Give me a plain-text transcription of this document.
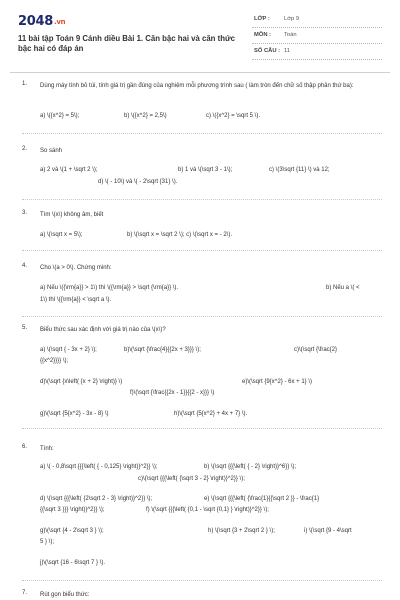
2048.vn
11 bài tập Toán 9 Cánh diều Bài 1. Căn bậc hai và căn thức bậc hai có đáp án
LỚP : Lớp 9
MÔN : Toán
SỐ CÂU : 11
1. Dùng máy tính bỏ túi, tính giá trị gần đúng của nghiệm mỗi phương trình sau ( làm tròn đến chữ số thập phân thứ ba):
a) \({x^2} = 5\);	b) \({x^2} = 2,5\)	c) \({x^2} = \sqrt 5 \).
2. So sánh
a) 2 và \(1 + \sqrt 2 \);	b) 1 và \(\sqrt 3 - 1\);	c) \(3\sqrt {11} \) và 12;
d) \( - 10\) và \( - 2\sqrt {31} \).
3. Tìm \(x\) không âm, biết
a) \(\sqrt x = 5\);	b) \(\sqrt x = \sqrt 2 \); c) \(\sqrt x = - 2\).
4. Cho \(a > 0\). Chứng minh:
a) Nếu \({\rm{a}} > 1\) thì \({\rm{a}} > \sqrt {\rm{a}} \).	b) Nếu a \( <
1\) thì \({\rm{a}} < \sqrt a \).
5. Biểu thức sau xác định với giá trị nào của \(x\)?
a) \(\sqrt { - 3x + 2} \);	b)\(\sqrt {\frac{4}{{2x + 3}}} \);	c)\(\sqrt {\frac{2}
{{x^2}}}} \);
d)\(\sqrt {x\left( {x + 2} \right)} \)	e)\(\sqrt {9{x^2} - 6x + 1} \)
f)\(\sqrt {\frac{{2x - 1}}{{2 - x}}} \)
g)\(\sqrt {5{x^2} - 3x - 8} \)	h)\(\sqrt {5{x^2} + 4x + 7} \).
6. Tính:
a) \( - 0,8\sqrt {{{\left( { - 0,125} \right)}^2}} \);	b) \(\sqrt {{{\left( { - 2} \right)}^6}} \);
c)\(\sqrt {{{\left( {\sqrt 3 - 2} \right)}^2}} \);
d) \(\sqrt {{{\left( {2\sqrt 2 - 3} \right)}^2}} \);	e) \(\sqrt {{{\left( {\frac{1}{{\sqrt 2 }} - \frac{1}
{{\sqrt 3 }}} \right)}^2}} \);	f) \(\sqrt {{{\left( {0,1 - \sqrt {0,1} } \right)}^2}} \);
g)\(\sqrt {4 - 2\sqrt 3 } \);	h) \(\sqrt {3 + 2\sqrt 2 } \);	i) \(\sqrt {9 - 4\sqrt
5 } \);
j)\(\sqrt {16 - 6\sqrt 7 } \).
7. Rút gọn biểu thức:
